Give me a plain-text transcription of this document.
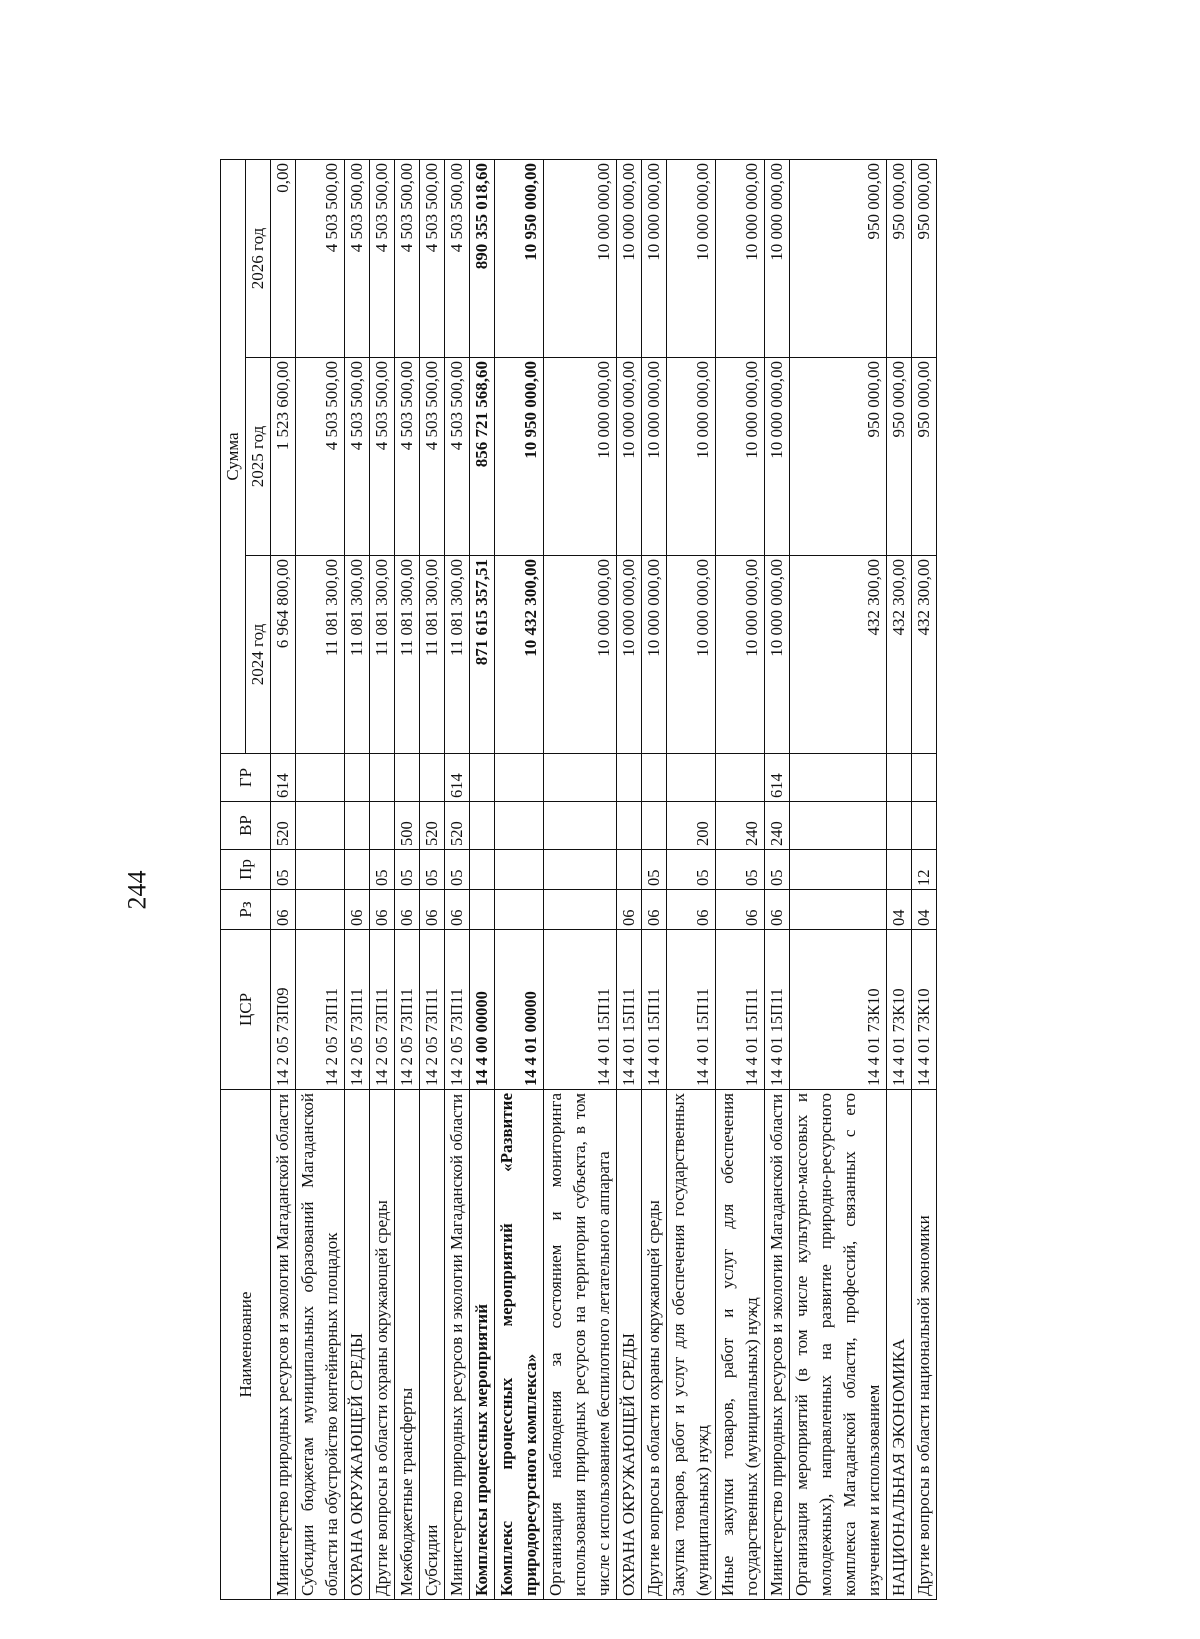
244
Наименование	ЦСР	Рз	Пр	ВР	ГР	Сумма		
						2024 год	2025 год	2026 год
Министерство природных ресурсов и экологии Магаданской области	14 2 05 73П09	06	05	520	614	6 964 800,00	1 523 600,00	0,00
Субсидии бюджетам муниципальных образований Магаданской области на обустройство контейнерных площадок	14 2 05 73П11					11 081 300,00	4 503 500,00	4 503 500,00
ОХРАНА ОКРУЖАЮЩЕЙ СРЕДЫ	14 2 05 73П11	06				11 081 300,00	4 503 500,00	4 503 500,00
Другие вопросы в области охраны окружающей среды	14 2 05 73П11	06	05			11 081 300,00	4 503 500,00	4 503 500,00
Межбюджетные трансферты	14 2 05 73П11	06	05	500		11 081 300,00	4 503 500,00	4 503 500,00
Субсидии	14 2 05 73П11	06	05	520		11 081 300,00	4 503 500,00	4 503 500,00
Министерство природных ресурсов и экологии Магаданской области	14 2 05 73П11	06	05	520	614	11 081 300,00	4 503 500,00	4 503 500,00
Комплексы процессных мероприятий	14 4 00 00000					871 615 357,51	856 721 568,60	890 355 018,60
Комплекс процессных мероприятий «Развитие природоресурсного комплекса»	14 4 01 00000					10 432 300,00	10 950 000,00	10 950 000,00
Организация наблюдения за состоянием и мониторинга использования природных ресурсов на территории субъекта, в том числе с использованием беспилотного летательного аппарата	14 4 01 15П11					10 000 000,00	10 000 000,00	10 000 000,00
ОХРАНА ОКРУЖАЮЩЕЙ СРЕДЫ	14 4 01 15П11	06				10 000 000,00	10 000 000,00	10 000 000,00
Другие вопросы в области охраны окружающей среды	14 4 01 15П11	06	05			10 000 000,00	10 000 000,00	10 000 000,00
Закупка товаров, работ и услуг для обеспечения государственных (муниципальных) нужд	14 4 01 15П11	06	05	200		10 000 000,00	10 000 000,00	10 000 000,00
Иные закупки товаров, работ и услуг для обеспечения государственных (муниципальных) нужд	14 4 01 15П11	06	05	240		10 000 000,00	10 000 000,00	10 000 000,00
Министерство природных ресурсов и экологии Магаданской области	14 4 01 15П11	06	05	240	614	10 000 000,00	10 000 000,00	10 000 000,00
Организация мероприятий (в том числе культурно-массовых и молодежных), направленных на развитие природно-ресурсного комплекса Магаданской области, профессий, связанных с его изучением и использованием	14 4 01 73К10					432 300,00	950 000,00	950 000,00
НАЦИОНАЛЬНАЯ ЭКОНОМИКА	14 4 01 73К10	04				432 300,00	950 000,00	950 000,00
Другие вопросы в области национальной экономики	14 4 01 73К10	04	12			432 300,00	950 000,00	950 000,00
